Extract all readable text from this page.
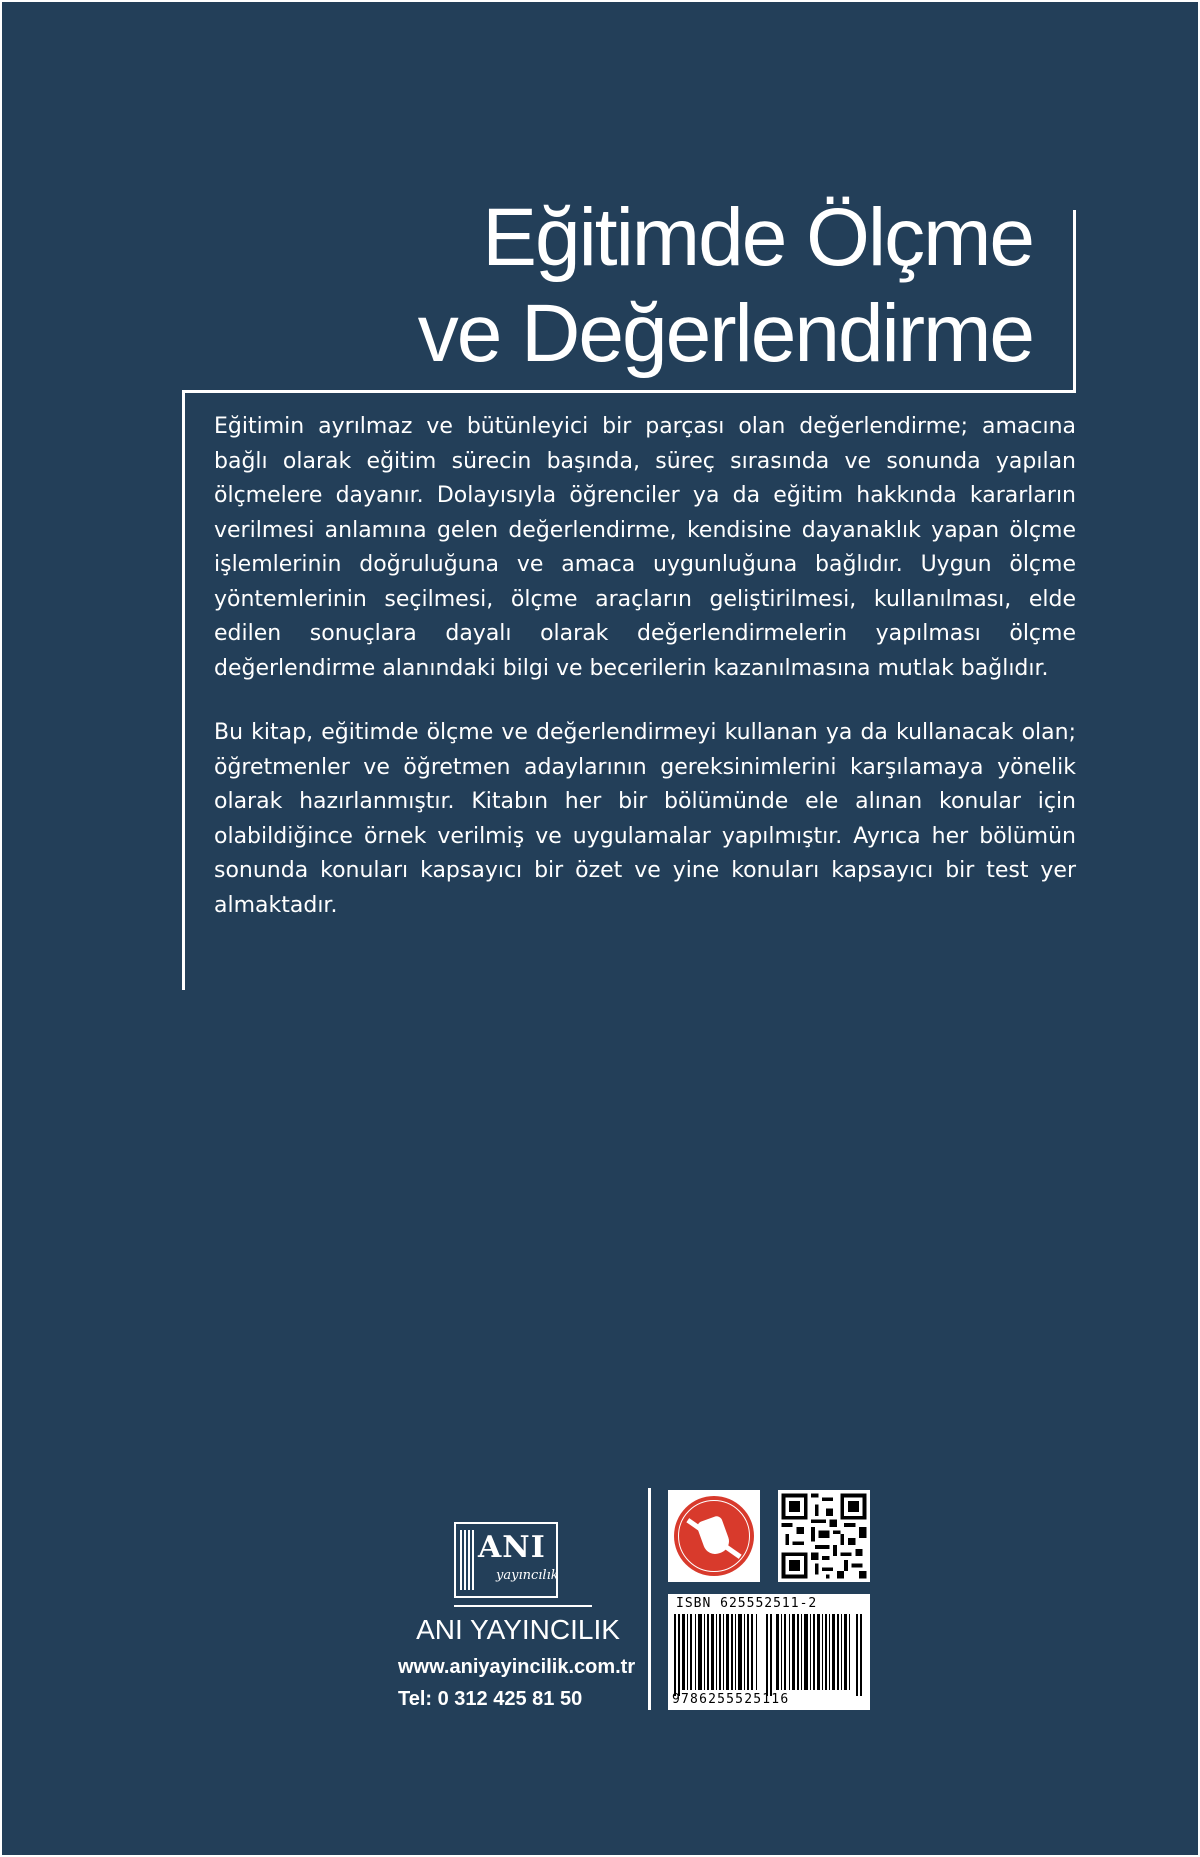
Eğitimde Ölçme
ve Değerlendirme

Eğitimin ayrılmaz ve bütünleyici bir parçası olan değerlendirme; amacına bağlı olarak eğitim sürecin başında, süreç sırasında ve sonunda yapılan ölçmelere dayanır. Dolayısıyla öğrenciler ya da eğitim hakkında kararların verilmesi anlamına gelen değerlendirme, kendisine dayanaklık yapan ölçme işlemlerinin doğruluğuna ve amaca uygunluğuna bağlıdır. Uygun ölçme yöntemlerinin seçilmesi, ölçme araçların geliştirilmesi, kullanılması, elde edilen sonuçlara dayalı olarak değerlendirmelerin yapılması ölçme değerlendirme alanındaki bilgi ve becerilerin kazanılmasına mutlak bağlıdır.

Bu kitap, eğitimde ölçme ve değerlendirmeyi kullanan ya da kullanacak olan; öğretmenler ve öğretmen adaylarının gereksinimlerini karşılamaya yönelik olarak hazırlanmıştır. Kitabın her bir bölümünde ele alınan konular için olabildiğince örnek verilmiş ve uygulamalar yapılmıştır. Ayrıca her bölümün sonunda konuları kapsayıcı bir özet ve yine konuları kapsayıcı bir test yer almaktadır.

ANI
yayıncılık
ANI YAYINCILIK
www.aniyayincilik.com.tr
Tel: 0 312 425 81 50
ISBN 625552511-2
9786255525116
